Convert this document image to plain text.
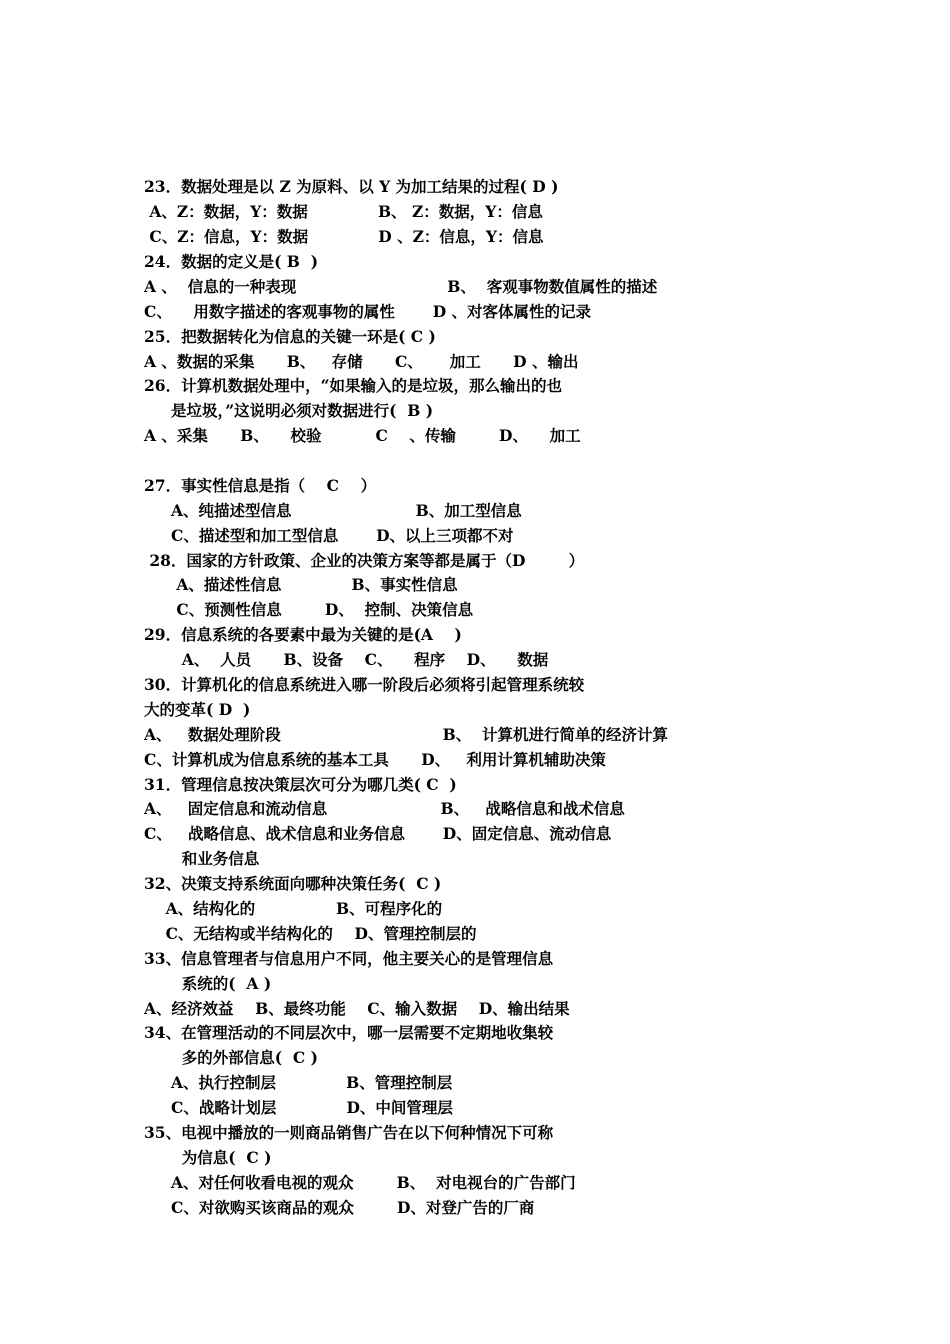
23．数据处理是以 Z 为原料、以 Y 为加工结果的过程( D )
A、Z：数据，Y：数据             B、 Z：数据，Y：信息
C、Z：信息，Y：数据             D 、Z：信息，Y：信息
24．数据的定义是( B  )
A 、  信息的一种表现                            B、  客观事物数值属性的描述
C、    用数字描述的客观事物的属性       D 、对客体属性的记录
25．把数据转化为信息的关键一环是( C )
A 、数据的采集      B、   存储      C、     加工      D 、输出
26．计算机数据处理中，“如果输入的是垃圾，那么输出的也
是垃圾，”这说明必须对数据进行(  B )
A 、采集      B、    校验          C    、传输        D、    加工
27．事实性信息是指（    C    ）
A、纯描述型信息                       B、加工型信息
C、描述型和加工型信息       D、以上三项都不对
28．国家的方针政策、企业的决策方案等都是属于（D        ）
A、描述性信息             B、事实性信息
C、预测性信息        D、  控制、决策信息
29．信息系统的各要素中最为关键的是(A    )
A、  人员      B、设备    C、    程序    D、    数据
30．计算机化的信息系统进入哪一阶段后必须将引起管理系统较
大的变革( D  )
A、   数据处理阶段                              B、  计算机进行简单的经济计算
C、计算机成为信息系统的基本工具      D、   利用计算机辅助决策
31．管理信息按决策层次可分为哪几类( C  )
A、   固定信息和流动信息                     B、   战略信息和战术信息
C、   战略信息、战术信息和业务信息       D、固定信息、流动信息
和业务信息
32、决策支持系统面向哪种决策任务(  C )
A、结构化的               B、可程序化的
C、无结构或半结构化的    D、管理控制层的
33、信息管理者与信息用户不同，他主要关心的是管理信息
系统的(  A )
A、经济效益    B、最终功能    C、输入数据    D、输出结果
34、在管理活动的不同层次中，哪一层需要不定期地收集较
多的外部信息(  C )
A、执行控制层             B、管理控制层
C、战略计划层             D、中间管理层
35、电视中播放的一则商品销售广告在以下何种情况下可称
为信息(  C )
A、对任何收看电视的观众        B、  对电视台的广告部门
C、对欲购买该商品的观众        D、对登广告的厂商
